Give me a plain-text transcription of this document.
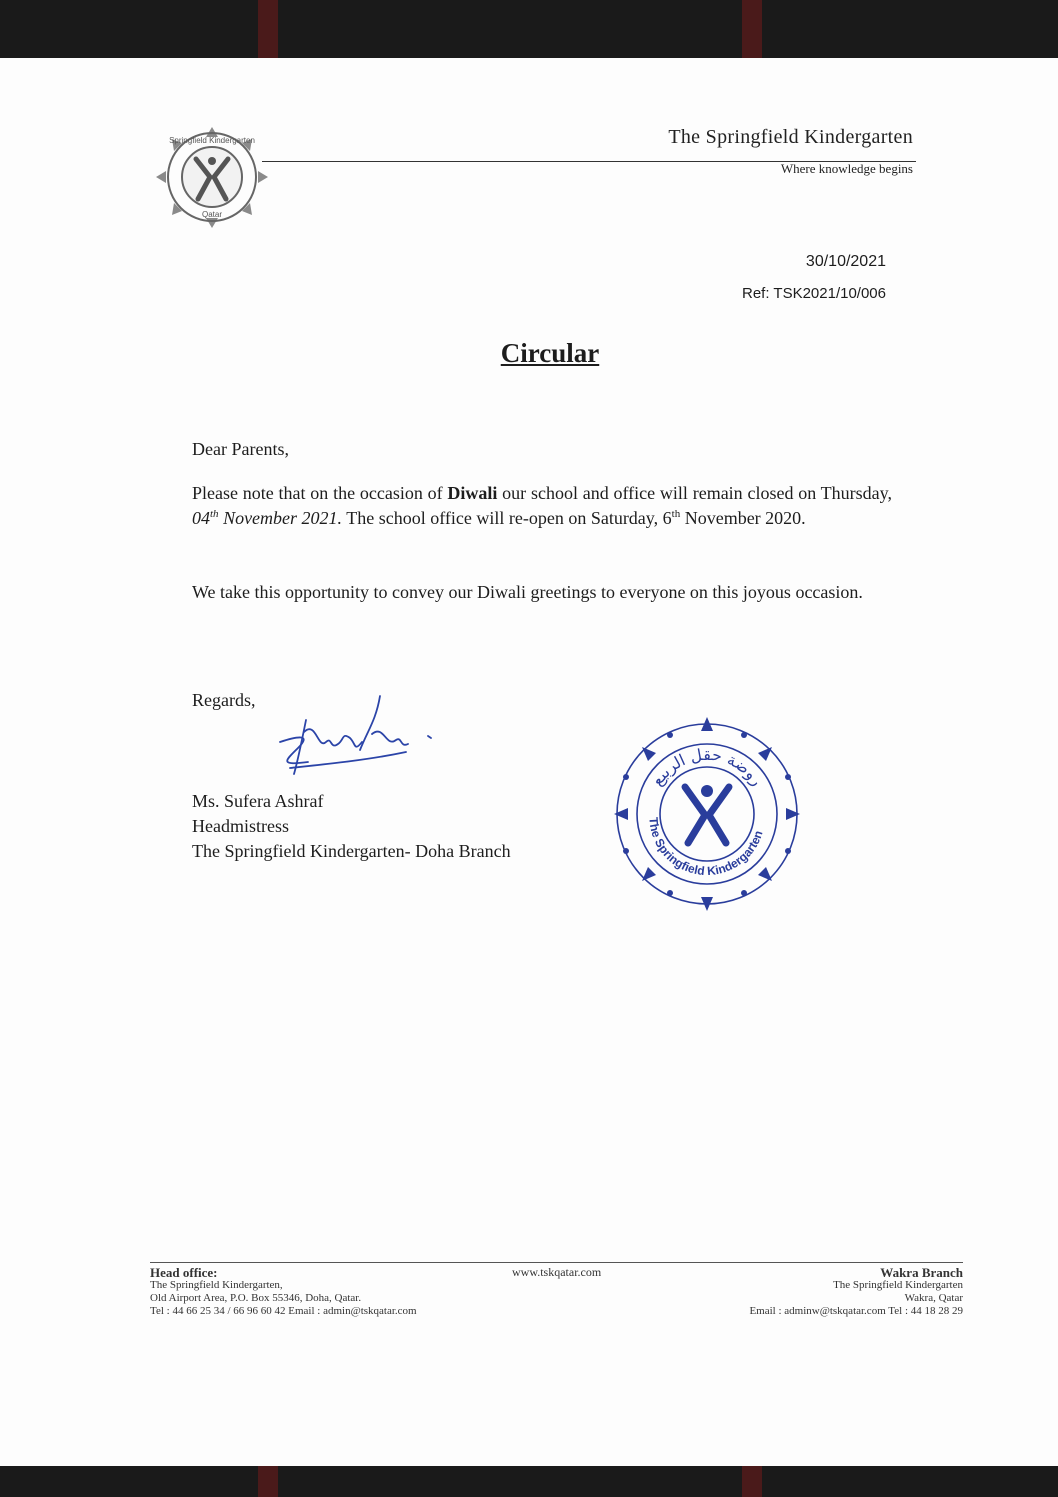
Springfield Kindergarten
Qatar
The Springfield Kindergarten
Where knowledge begins
30/10/2021
Ref: TSK2021/10/006
Circular
Dear Parents,
Please note that on the occasion of Diwali our school and office will remain closed on Thursday, 04th November 2021. The school office will re-open on Saturday, 6th November 2020.
We take this opportunity to convey our Diwali greetings to everyone on this joyous occasion.
Regards,
Ms. Sufera Ashraf
Headmistress
The Springfield Kindergarten- Doha Branch
روضة حقل الربيع
The Springfield Kindergarten
Head office:
The Springfield Kindergarten,
Old Airport Area, P.O. Box 55346, Doha, Qatar.
Tel : 44 66 25 34 / 66 96 60 42 Email : admin@tskqatar.com
www.tskqatar.com	Wakra Branch
The Springfield Kindergarten
Wakra, Qatar
Email : adminw@tskqatar.com Tel : 44 18 28 29
